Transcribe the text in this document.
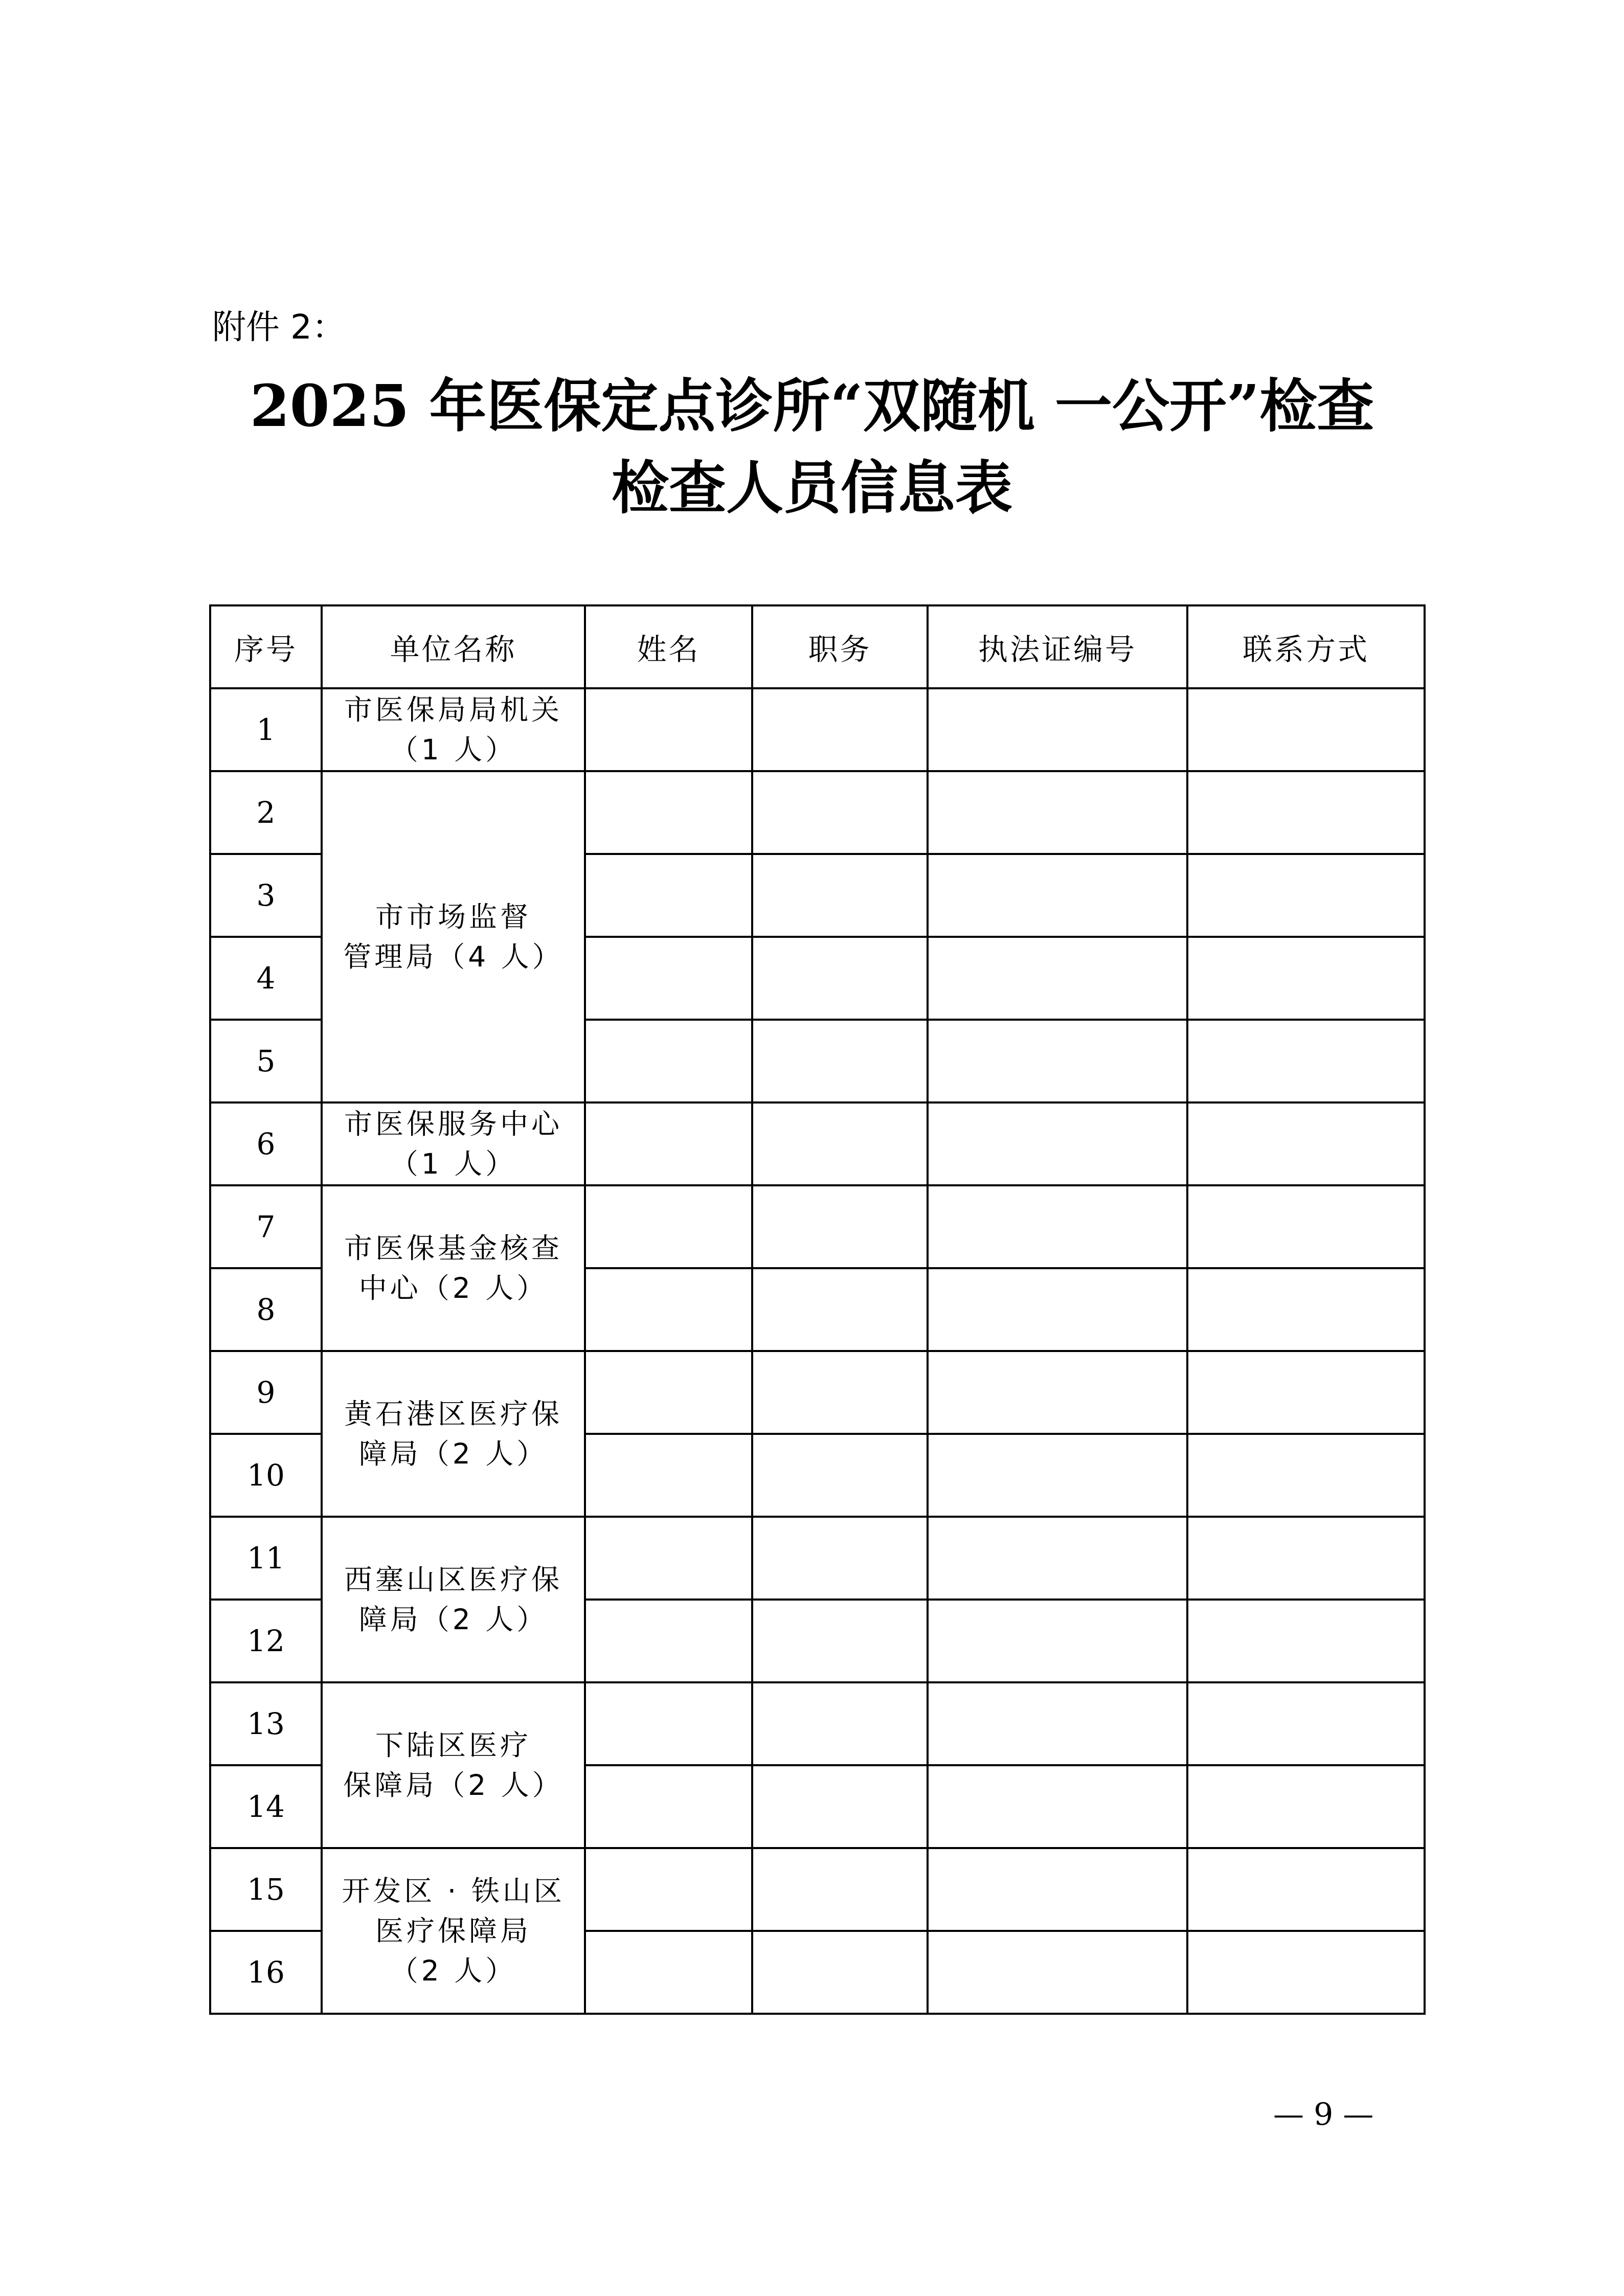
附件 2：
2025 年医保定点诊所“双随机 一公开”检查
检查人员信息表
序号	单位名称	姓名	职务	执法证编号	联系方式
1	市医保局局机关
（1 人）				

2	市市场监督
管理局（4 人）				

3					
4					
5					
6	市医保服务中心
（1 人）				

7	市医保基金核查
中心（2 人）				

8					
9	黄石港区医疗保
障局（2 人）				

10					
11	西塞山区医疗保
障局（2 人）				

12					
13	下陆区医疗
保障局（2 人）				

14					
15	开发区 · 铁山区
医疗保障局
（2 人）				

16					
— 9 —
